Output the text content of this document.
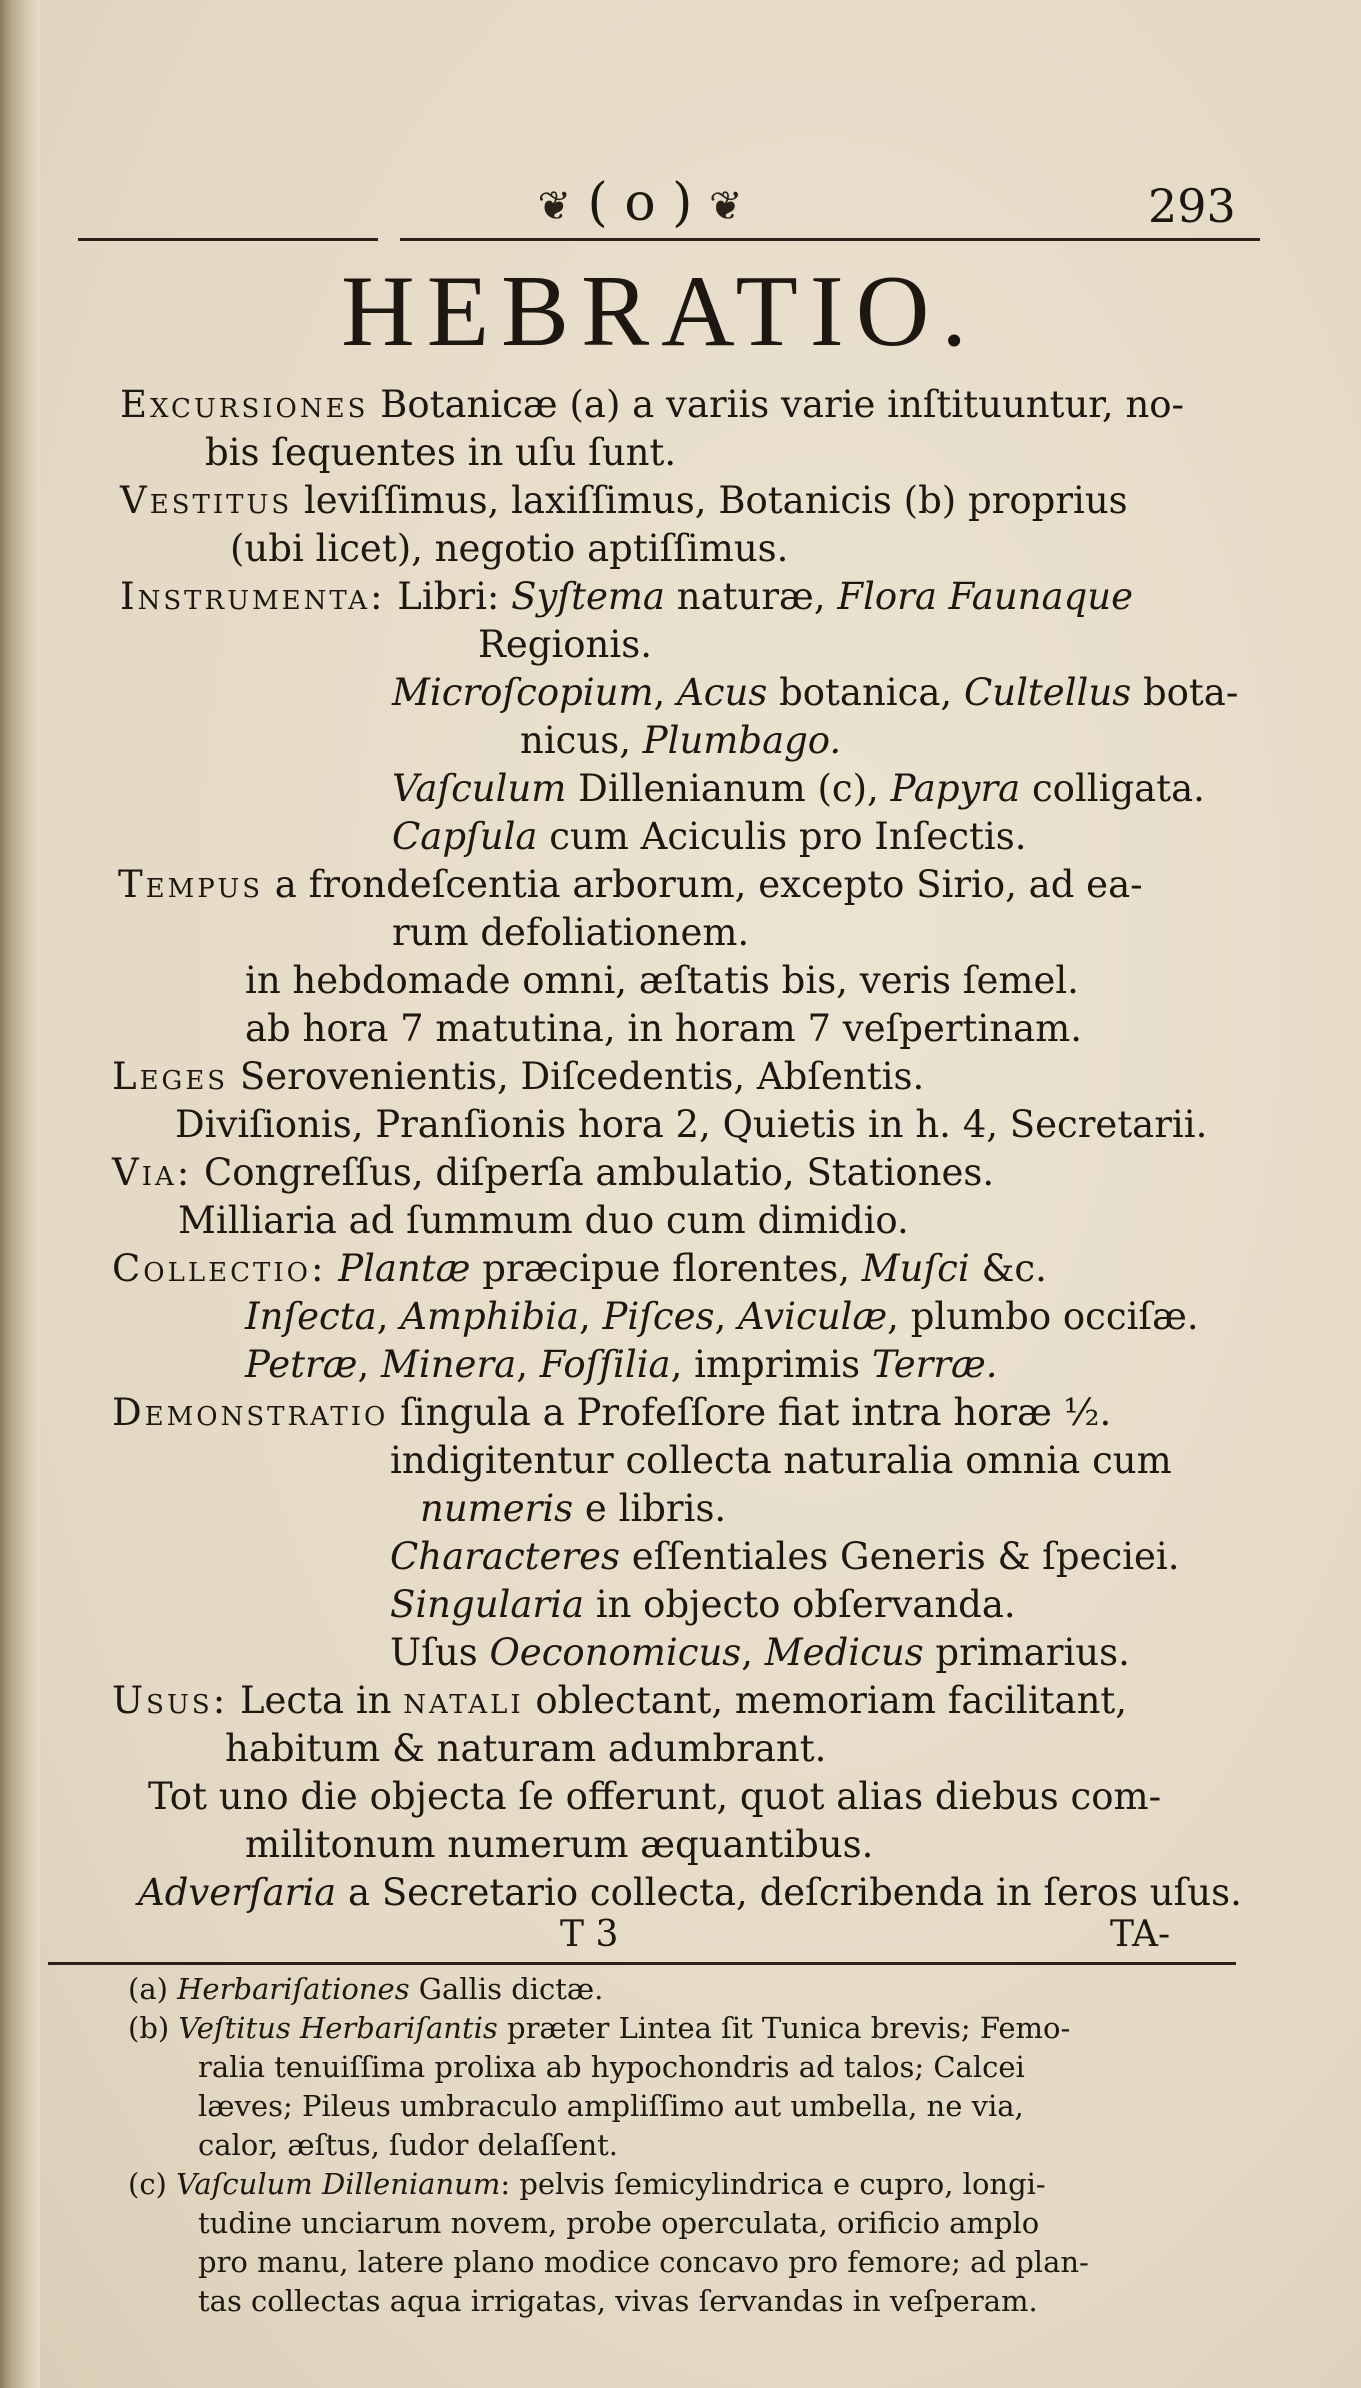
❦ ( o ) ❦	293
HEBRATIO.
Excursiones Botanicæ (a) a variis varie inſtituuntur, no-
bis ſequentes in uſu ſunt.
Vestitus leviſſimus, laxiſſimus, Botanicis (b) proprius
(ubi licet), negotio aptiſſimus.
Instrumenta: Libri: Syſtema naturæ, Flora Faunaque
Regionis.
Microſcopium, Acus botanica, Cultellus bota-
nicus, Plumbago.
Vaſculum Dillenianum (c), Papyra colligata.
Capſula cum Aciculis pro Inſectis.
Tempus a frondeſcentia arborum, excepto Sirio, ad ea-
rum defoliationem.
in hebdomade omni, æſtatis bis, veris ſemel.
ab hora 7 matutina, in horam 7 veſpertinam.
Leges Serovenientis, Diſcedentis, Abſentis.
Diviſionis, Pranſionis hora 2, Quietis in h. 4, Secretarii.
Via: Congreſſus, diſperſa ambulatio, Stationes.
Milliaria ad ſummum duo cum dimidio.
Collectio: Plantæ præcipue florentes, Muſci &c.
Inſecta, Amphibia, Piſces, Aviculæ, plumbo occiſæ.
Petræ, Minera, Foſſilia, imprimis Terræ.
Demonstratio ſingula a Profeſſore fiat intra horæ ½.
indigitentur collecta naturalia omnia cum
numeris e libris.
Characteres eſſentiales Generis & ſpeciei.
Singularia in objecto obſervanda.
Uſus Oeconomicus, Medicus primarius.
Usus: Lecta in natali oblectant, memoriam facilitant,
habitum & naturam adumbrant.
Tot uno die objecta ſe offerunt, quot alias diebus com-
militonum numerum æquantibus.
Adverſaria a Secretario collecta, deſcribenda in ſeros uſus.
T 3	TA-
(a) Herbariſationes Gallis dictæ.
(b) Veſtitus Herbariſantis præter Lintea ſit Tunica brevis; Femo-
ralia tenuiſſima prolixa ab hypochondris ad talos; Calcei
læves; Pileus umbraculo ampliſſimo aut umbella, ne via,
calor, æſtus, ſudor delaſſent.
(c) Vaſculum Dillenianum: pelvis ſemicylindrica e cupro, longi-
tudine unciarum novem, probe operculata, orificio amplo
pro manu, latere plano modice concavo pro femore; ad plan-
tas collectas aqua irrigatas, vivas ſervandas in veſperam.
